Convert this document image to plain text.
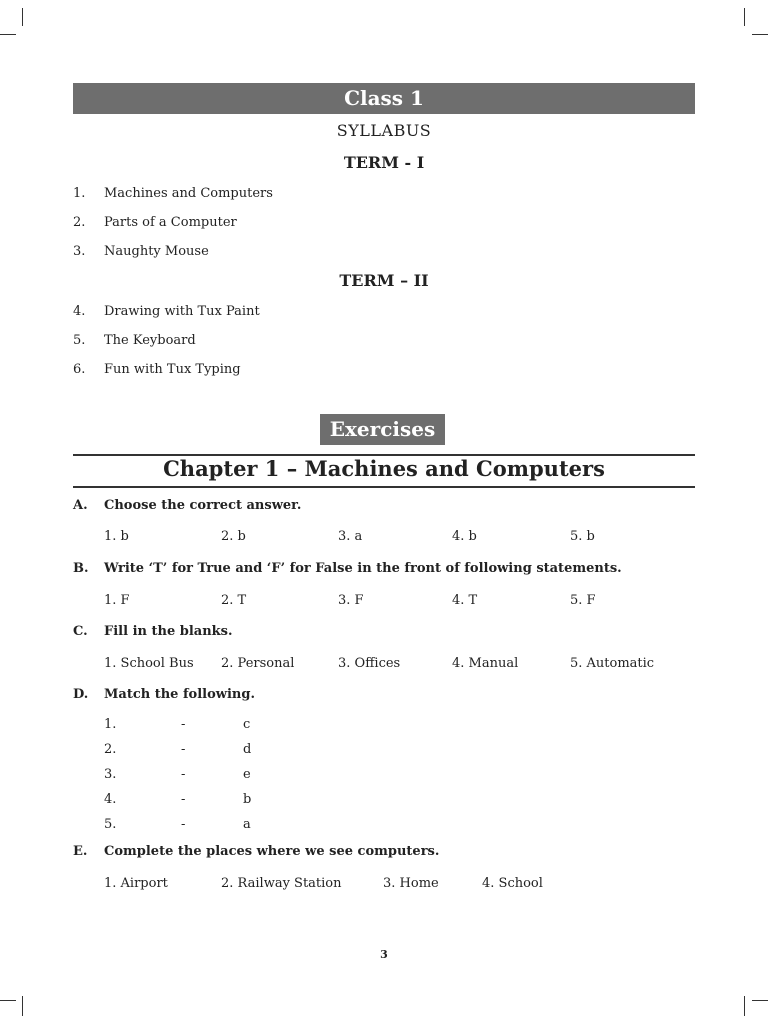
Class 1
SYLLABUS
TERM - I
1. Machines and Computers
2. Parts of a Computer
3. Naughty Mouse
TERM – II
4. Drawing with Tux Paint
5. The Keyboard
6. Fun with Tux Typing
Exercises
Chapter 1 – Machines and Computers
A. Choose the correct answer.
1. b	2. b	3. a	4. b	5. b
B. Write ‘T’ for True and ‘F’ for False in the front of following statements.
1. F	2. T	3. F	4. T	5. F
C. Fill in the blanks.
1. School Bus 2. Personal	3. Offices	4. Manual	5. Automatic
D. Match the following.
1.	-	c
2.	-	d
3.	-	e
4.	-	b
5.	-	a
E. Complete the places where we see computers.
1. Airport	2. Railway Station	3. Home	4. School
3
